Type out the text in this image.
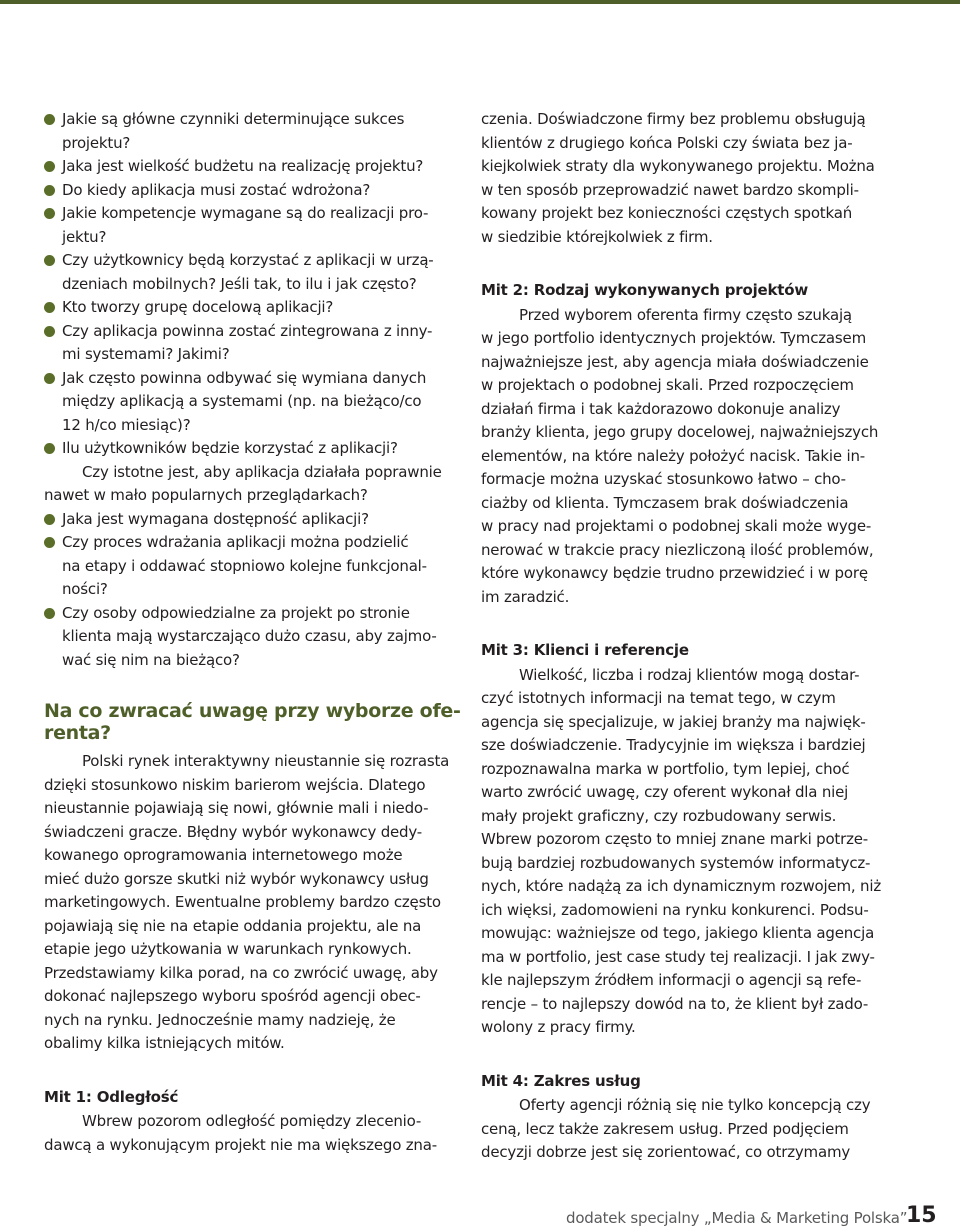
Jakie są główne czynniki determinujące sukces
projektu?
Jaka jest wielkość budżetu na realizację projektu?
Do kiedy aplikacja musi zostać wdrożona?
Jakie kompetencje wymagane są do realizacji pro-
jektu?
Czy użytkownicy będą korzystać z aplikacji w urzą-
dzeniach mobilnych? Jeśli tak, to ilu i jak często?
Kto tworzy grupę docelową aplikacji?
Czy aplikacja powinna zostać zintegrowana z inny-
mi systemami? Jakimi?
Jak często powinna odbywać się wymiana danych
między aplikacją a systemami (np. na bieżąco/co
12 h/co miesiąc)?
Ilu użytkowników będzie korzystać z aplikacji?
Czy istotne jest, aby aplikacja działała poprawnie
nawet w mało popularnych przeglądarkach?
Jaka jest wymagana dostępność aplikacji?
Czy proces wdrażania aplikacji można podzielić
na etapy i oddawać stopniowo kolejne funkcjonal-
ności?
Czy osoby odpowiedzialne za projekt po stronie
klienta mają wystarczająco dużo czasu, aby zajmo-
wać się nim na bieżąco?
Na co zwracać uwagę przy wyborze ofe-
renta?
Polski rynek interaktywny nieustannie się rozrasta
dzięki stosunkowo niskim barierom wejścia. Dlatego
nieustannie pojawiają się nowi, głównie mali i niedo-
świadczeni gracze. Błędny wybór wykonawcy dedy-
kowanego oprogramowania internetowego może
mieć dużo gorsze skutki niż wybór wykonawcy usług
marketingowych. Ewentualne problemy bardzo często
pojawiają się nie na etapie oddania projektu, ale na
etapie jego użytkowania w warunkach rynkowych.
Przedstawiamy kilka porad, na co zwrócić uwagę, aby
dokonać najlepszego wyboru spośród agencji obec-
nych na rynku. Jednocześnie mamy nadzieję, że
obalimy kilka istniejących mitów.
Mit 1: Odległość
Wbrew pozorom odległość pomiędzy zlecenio-
dawcą a wykonującym projekt nie ma większego zna-
czenia. Doświadczone firmy bez problemu obsługują
klientów z drugiego końca Polski czy świata bez ja-
kiejkolwiek straty dla wykonywanego projektu. Można
w ten sposób przeprowadzić nawet bardzo skompli-
kowany projekt bez konieczności częstych spotkań
w siedzibie którejkolwiek z firm.
Mit 2: Rodzaj wykonywanych projektów
Przed wyborem oferenta firmy często szukają
w jego portfolio identycznych projektów. Tymczasem
najważniejsze jest, aby agencja miała doświadczenie
w projektach o podobnej skali. Przed rozpoczęciem
działań firma i tak każdorazowo dokonuje analizy
branży klienta, jego grupy docelowej, najważniejszych
elementów, na które należy położyć nacisk. Takie in-
formacje można uzyskać stosunkowo łatwo – cho-
ciażby od klienta. Tymczasem brak doświadczenia
w pracy nad projektami o podobnej skali może wyge-
nerować w trakcie pracy niezliczoną ilość problemów,
które wykonawcy będzie trudno przewidzieć i w porę
im zaradzić.
Mit 3: Klienci i referencje
Wielkość, liczba i rodzaj klientów mogą dostar-
czyć istotnych informacji na temat tego, w czym
agencja się specjalizuje, w jakiej branży ma najwięk-
sze doświadczenie. Tradycyjnie im większa i bardziej
rozpoznawalna marka w portfolio, tym lepiej, choć
warto zwrócić uwagę, czy oferent wykonał dla niej
mały projekt graficzny, czy rozbudowany serwis.
Wbrew pozorom często to mniej znane marki potrze-
bują bardziej rozbudowanych systemów informatycz-
nych, które nadążą za ich dynamicznym rozwojem, niż
ich więksi, zadomowieni na rynku konkurenci. Podsu-
mowując: ważniejsze od tego, jakiego klienta agencja
ma w portfolio, jest case study tej realizacji. I jak zwy-
kle najlepszym źródłem informacji o agencji są refe-
rencje – to najlepszy dowód na to, że klient był zado-
wolony z pracy firmy.
Mit 4: Zakres usług
Oferty agencji różnią się nie tylko koncepcją czy
ceną, lecz także zakresem usług. Przed podjęciem
decyzji dobrze jest się zorientować, co otrzymamy
dodatek specjalny „Media & Marketing Polska”
15
